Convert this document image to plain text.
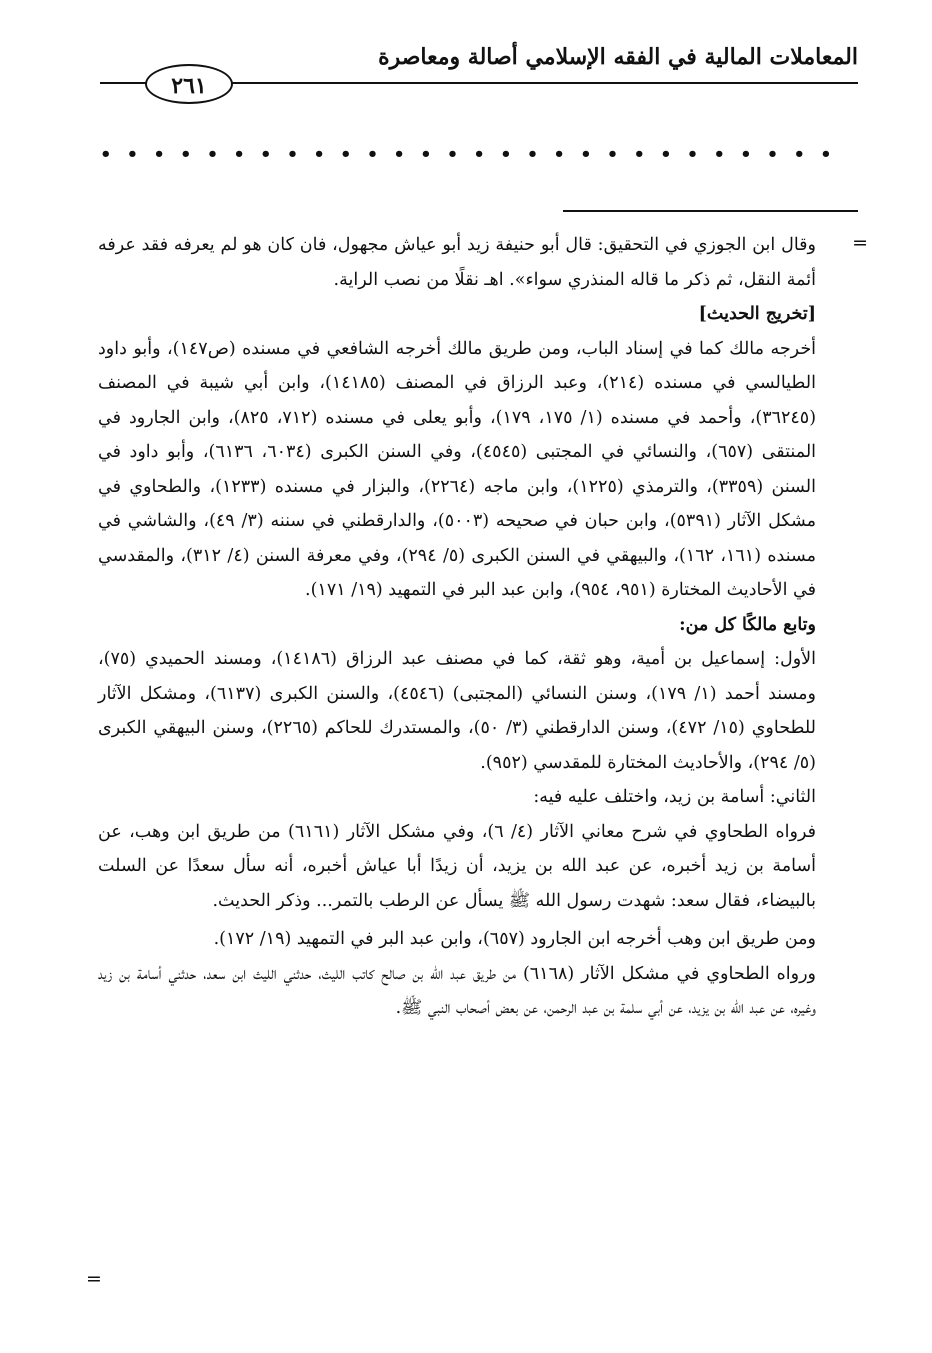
المعاملات المالية في الفقه الإسلامي أصالة ومعاصرة
٢٦١
• • • • • • • • • • • • • • • • • • • • • • • • • • • •
=

وقال ابن الجوزي في التحقيق: قال أبو حنيفة زيد أبو عياش مجهول، فان كان هو لم يعرفه فقد عرفه أئمة النقل، ثم ذكر ما قاله المنذري سواء». اهـ نقلًا من نصب الراية.

[تخريج الحديث]

أخرجه مالك كما في إسناد الباب، ومن طريق مالك أخرجه الشافعي في مسنده (ص١٤٧)، وأبو داود الطيالسي في مسنده (٢١٤)، وعبد الرزاق في المصنف (١٤١٨٥)، وابن أبي شيبة في المصنف (٣٦٢٤٥)، وأحمد في مسنده (١/ ١٧٥، ١٧٩)، وأبو يعلى في مسنده (٧١٢، ٨٢٥)، وابن الجارود في المنتقى (٦٥٧)، والنسائي في المجتبى (٤٥٤٥)، وفي السنن الكبرى (٦٠٣٤، ٦١٣٦)، وأبو داود في السنن (٣٣٥٩)، والترمذي (١٢٢٥)، وابن ماجه (٢٢٦٤)، والبزار في مسنده (١٢٣٣)، والطحاوي في مشكل الآثار (٥٣٩١)، وابن حبان في صحيحه (٥٠٠٣)، والدارقطني في سننه (٣/ ٤٩)، والشاشي في مسنده (١٦١، ١٦٢)، والبيهقي في السنن الكبرى (٥/ ٢٩٤)، وفي معرفة السنن (٤/ ٣١٢)، والمقدسي في الأحاديث المختارة (٩٥١، ٩٥٤)، وابن عبد البر في التمهيد (١٩/ ١٧١).

وتابع مالكًا كل من:

الأول: إسماعيل بن أمية، وهو ثقة، كما في مصنف عبد الرزاق (١٤١٨٦)، ومسند الحميدي (٧٥)، ومسند أحمد (١/ ١٧٩)، وسنن النسائي (المجتبى) (٤٥٤٦)، والسنن الكبرى (٦١٣٧)، ومشكل الآثار للطحاوي (١٥/ ٤٧٢)، وسنن الدارقطني (٣/ ٥٠)، والمستدرك للحاكم (٢٢٦٥)، وسنن البيهقي الكبرى (٥/ ٢٩٤)، والأحاديث المختارة للمقدسي (٩٥٢).

الثاني: أسامة بن زيد، واختلف عليه فيه:

فرواه الطحاوي في شرح معاني الآثار (٤/ ٦)، وفي مشكل الآثار (٦١٦١) من طريق ابن وهب، عن أسامة بن زيد أخبره، عن عبد الله بن يزيد، أن زيدًا أبا عياش أخبره، أنه سأل سعدًا عن السلت بالبيضاء، فقال سعد: شهدت رسول الله ﷺ يسأل عن الرطب بالتمر... وذكر الحديث.

ومن طريق ابن وهب أخرجه ابن الجارود (٦٥٧)، وابن عبد البر في التمهيد (١٩/ ١٧٢).

ورواه الطحاوي في مشكل الآثار (٦١٦٨) من طريق عبد الله بن صالح كاتب الليث، حدثني الليث ابن سعد، حدثني أسامة بن زيد وغيره، عن عبد الله بن يزيد، عن أبي سلمة بن عبد الرحمن، عن بعض أصحاب النبي ﷺ.

=
